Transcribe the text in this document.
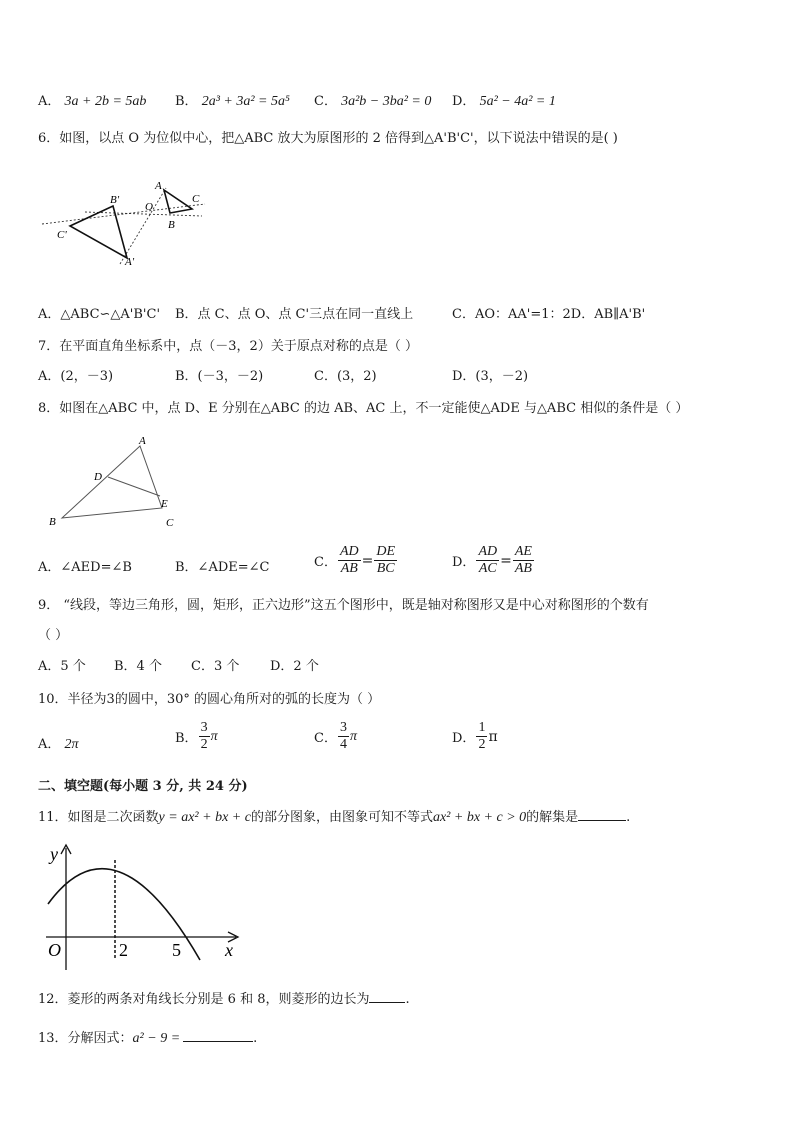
A． 3a + 2b = 5ab B． 2a³ + 3a² = 5a⁵ C． 3a²b − 3ba² = 0 D． 5a² − 4a² = 1
6．如图，以点 O 为位似中心，把△ABC 放大为原图形的 2 倍得到△A'B'C'，以下说法中错误的是( )
B'
C'
A'
O
A
C
B
A．△ABC∽△A'B'C' B．点 C、点 O、点 C'三点在同一直线上	C．AO：AA'=1：2D．AB∥A'B'
7．在平面直角坐标系中，点（－3，2）关于原点对称的点是（ ）
A．(2，－3)	B．(－3，－2)	C．(3，2)	D．(3，－2)
8．如图在△ABC 中，点 D、E 分别在△ABC 的边 AB、AC 上，不一定能使△ADE 与△ABC 相似的条件是（ ）
A
D
E
B	C
A．∠AED=∠B	B．∠ADE=∠C	C． $\frac{AD}{AB} = \frac{DE}{BC}$	D． $\frac{AD}{AC} = \frac{AE}{AB}$
9． “线段，等边三角形，圆，矩形，正六边形”这五个图形中，既是轴对称图形又是中心对称图形的个数有
（ ）
A．5 个 B．4 个 C．3 个 D．2 个
10．半径为3的圆中，30° 的圆心角所对的弧的长度为（ ）
A． 2π	B． $\frac{3}{2}$ π	C． $\frac{3}{4}$ π	D． $\frac{1}{2}$ π
二、填空题(每小题 3 分, 共 24 分)
11．如图是二次函数y = ax² + bx + c的部分图象，由图象可知不等式ax² + bx + c > 0的解集是	.
y
x
O	2 5
12．菱形的两条对角线长分别是 6 和 8，则菱形的边长为	.
13．分解因式：a² − 9 =	.
